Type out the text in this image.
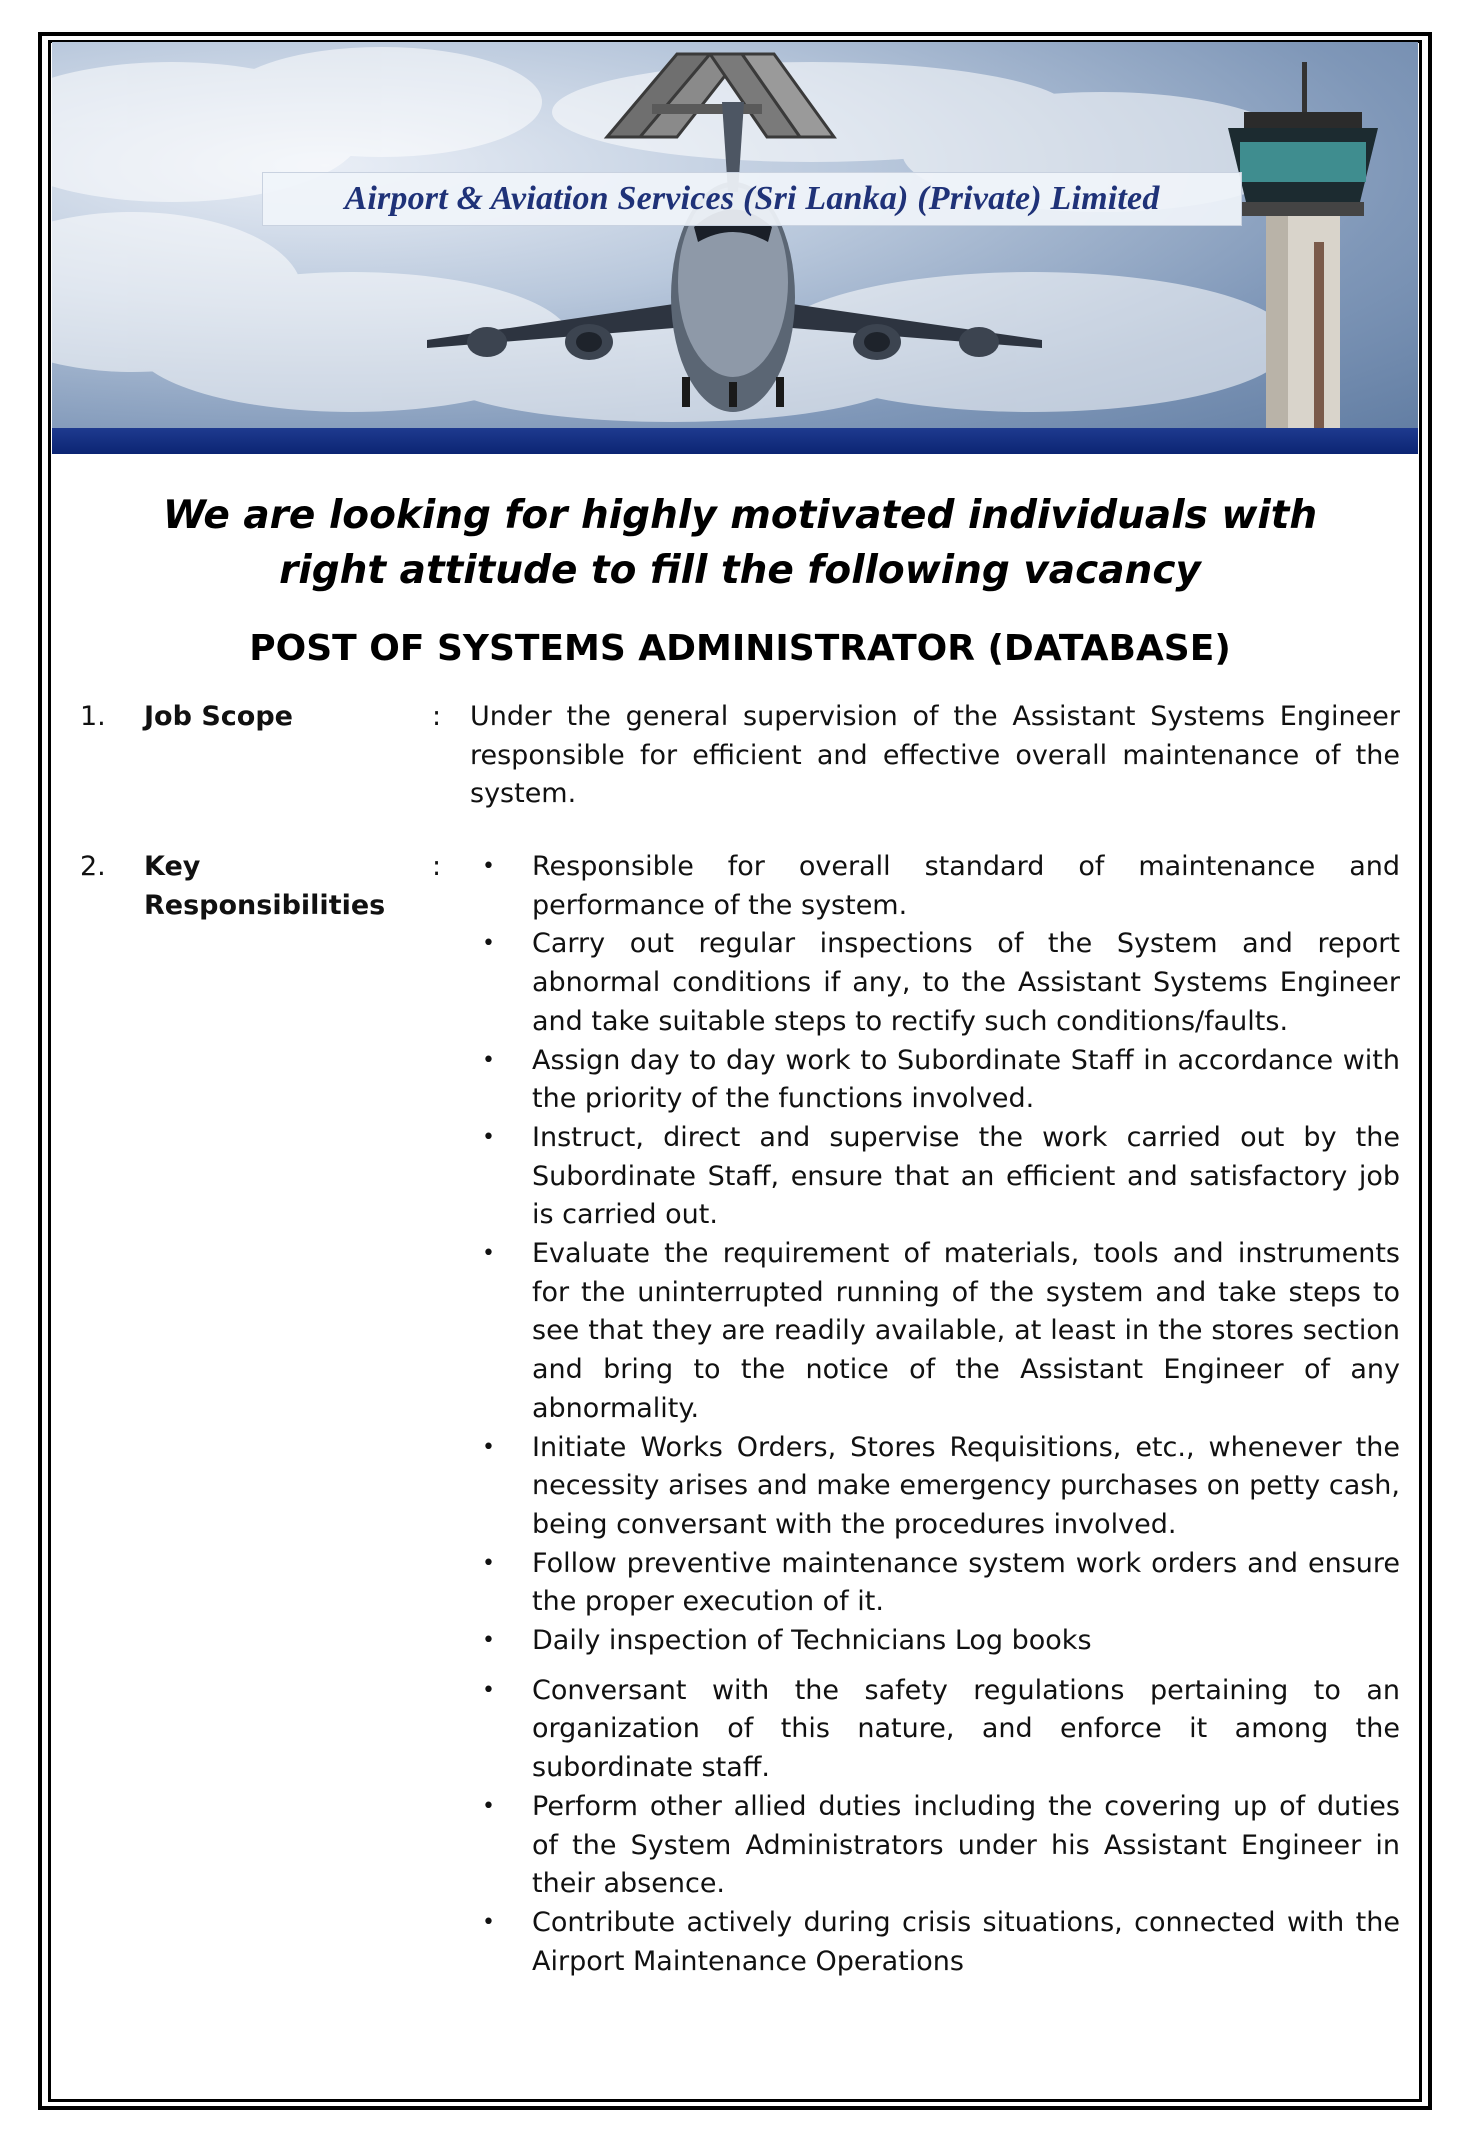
Airport & Aviation Services (Sri Lanka) (Private) Limited
We are looking for highly motivated individuals with
right attitude to fill the following vacancy
POST OF SYSTEMS ADMINISTRATOR (DATABASE)
1. Job Scope	: Under the general supervision of the Assistant Systems Engineer responsible for efficient and effective overall maintenance of the system.
2. Key Responsibilities
: • Responsible for overall standard of maintenance and performance of the system.
• Carry out regular inspections of the System and report abnormal conditions if any, to the Assistant Systems Engineer and take suitable steps to rectify such conditions/faults.
• Assign day to day work to Subordinate Staff in accordance with the priority of the functions involved.
• Instruct, direct and supervise the work carried out by the Subordinate Staff, ensure that an efficient and satisfactory job is carried out.
• Evaluate the requirement of materials, tools and instruments for the uninterrupted running of the system and take steps to see that they are readily available, at least in the stores section and bring to the notice of the Assistant Engineer of any abnormality.
• Initiate Works Orders, Stores Requisitions, etc., whenever the necessity arises and make emergency purchases on petty cash, being conversant with the procedures involved.
• Follow preventive maintenance system work orders and ensure the proper execution of it.
• Daily inspection of Technicians Log books
• Conversant with the safety regulations pertaining to an organization of this nature, and enforce it among the subordinate staff.
• Perform other allied duties including the covering up of duties of the System Administrators under his Assistant Engineer in their absence.
• Contribute actively during crisis situations, connected with the Airport Maintenance Operations
